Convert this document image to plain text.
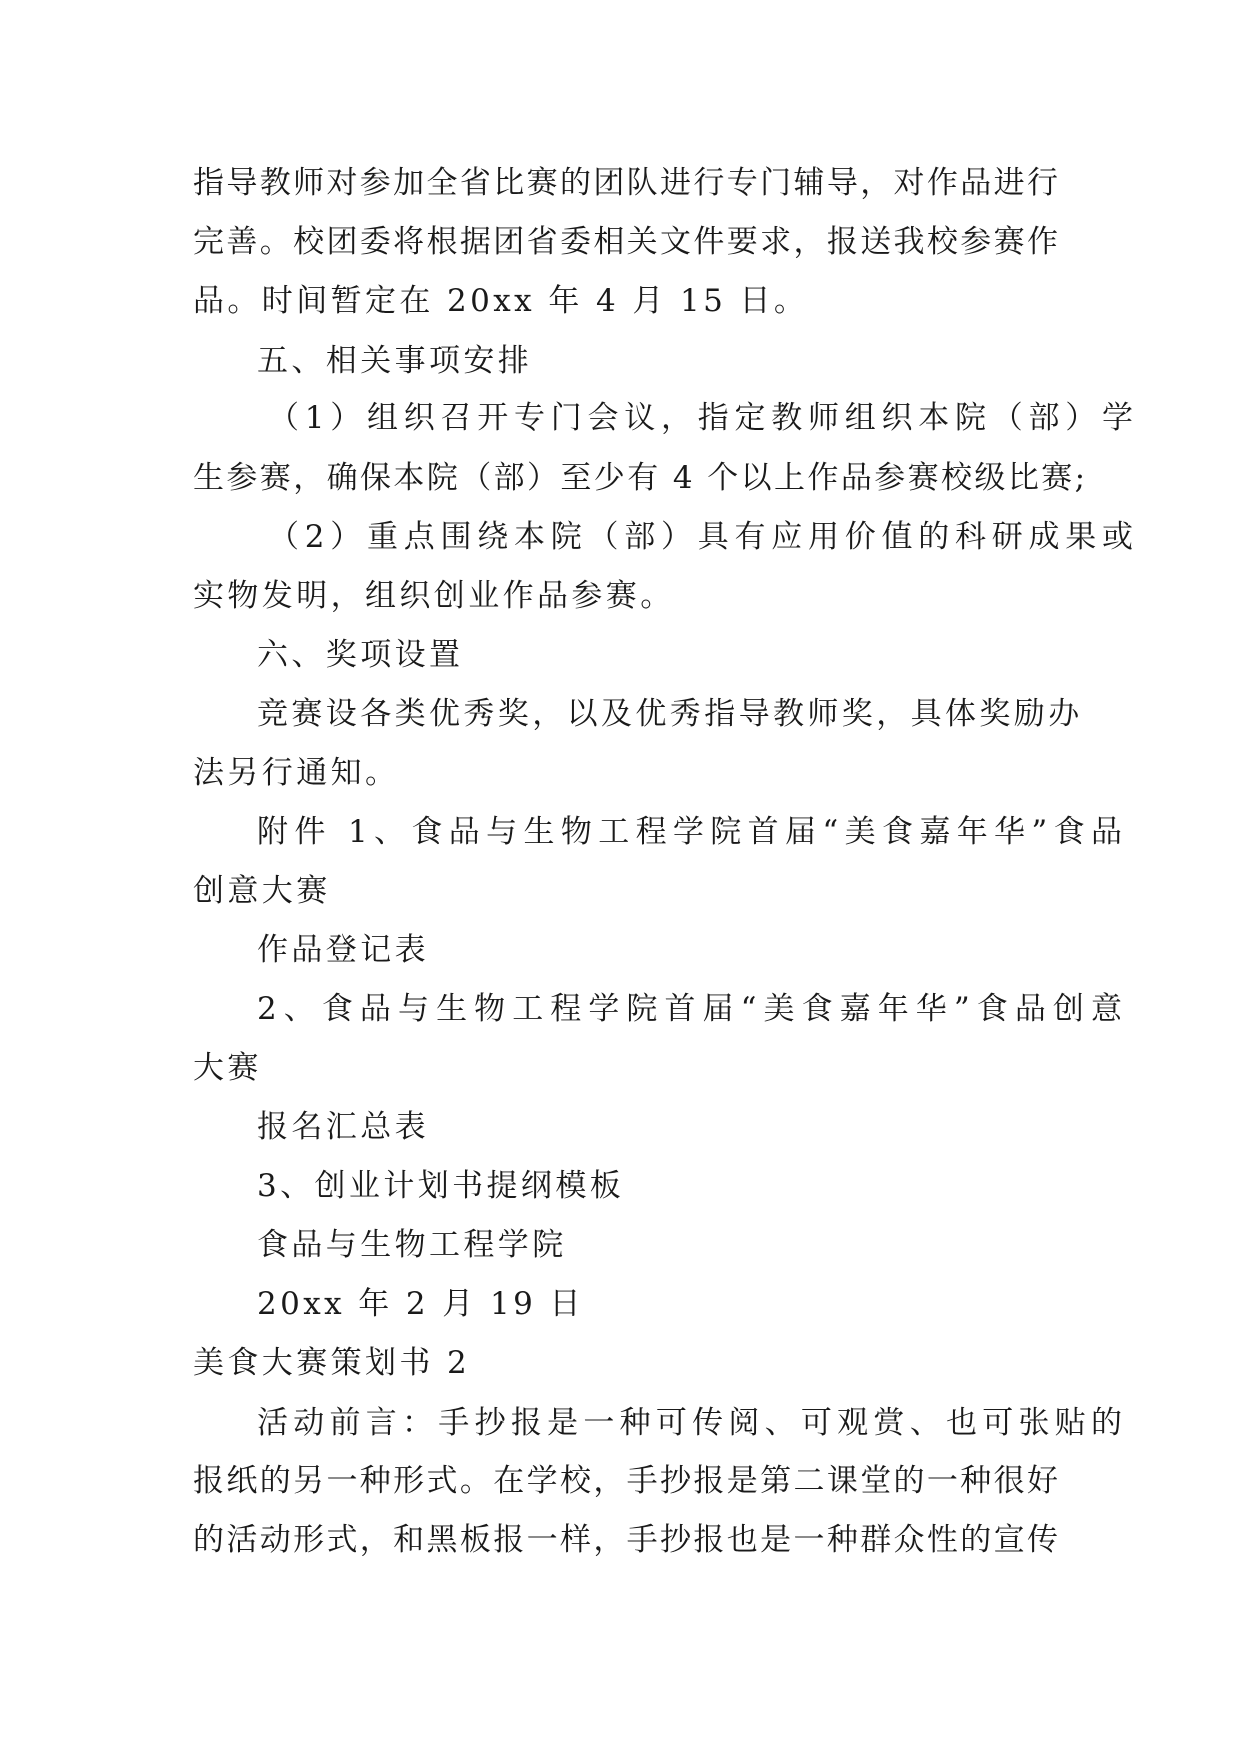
指导教师对参加全省比赛的团队进行专门辅导，对作品进行
完善。校团委将根据团省委相关文件要求，报送我校参赛作
品。时间暂定在 20xx 年 4 月 15 日。
五、相关事项安排
（1）组织召开专门会议，指定教师组织本院（部）学
生参赛，确保本院（部）至少有 4 个以上作品参赛校级比赛;
（2）重点围绕本院（部）具有应用价值的科研成果或
实物发明，组织创业作品参赛。
六、奖项设置
竞赛设各类优秀奖，以及优秀指导教师奖，具体奖励办
法另行通知。
附件 1、食品与生物工程学院首届“美食嘉年华”食品
创意大赛
作品登记表
2、食品与生物工程学院首届“美食嘉年华”食品创意
大赛
报名汇总表
3、创业计划书提纲模板
食品与生物工程学院
20xx 年 2 月 19 日
美食大赛策划书 2
活动前言：手抄报是一种可传阅、可观赏、也可张贴的
报纸的另一种形式。在学校，手抄报是第二课堂的一种很好
的活动形式，和黑板报一样，手抄报也是一种群众性的宣传
